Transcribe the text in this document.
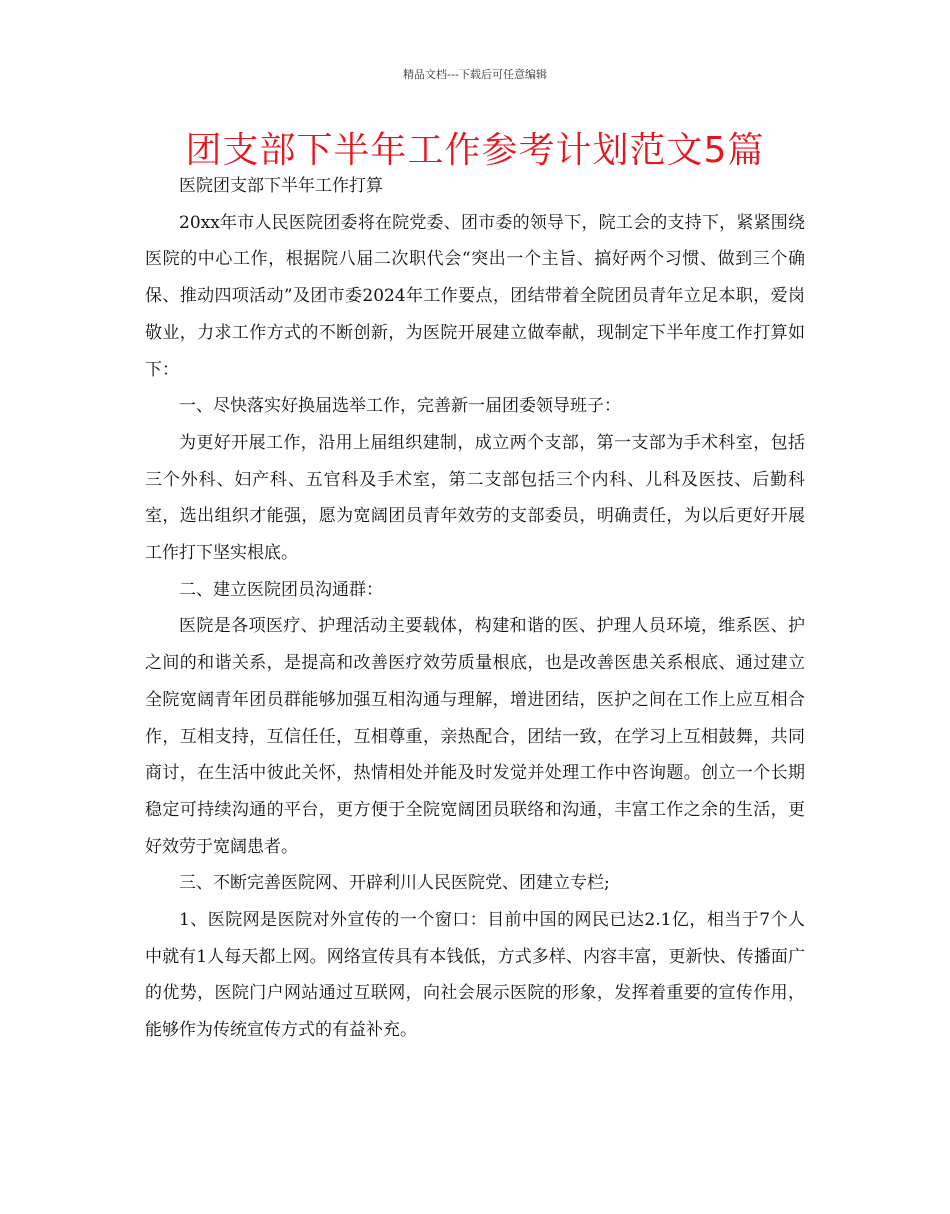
精品文档---下载后可任意编辑
团支部下半年工作参考计划范文5篇

医院团支部下半年工作打算

20xx年市人民医院团委将在院党委、团市委的领导下，院工会的支持下，紧紧围绕医院的中心工作，根据院八届二次职代会“突出一个主旨、搞好两个习惯、做到三个确保、推动四项活动”及团市委2024年工作要点，团结带着全院团员青年立足本职，爱岗敬业，力求工作方式的不断创新，为医院开展建立做奉献，现制定下半年度工作打算如下：

一、尽快落实好换届选举工作，完善新一届团委领导班子：

为更好开展工作，沿用上届组织建制，成立两个支部，第一支部为手术科室，包括三个外科、妇产科、五官科及手术室，第二支部包括三个内科、儿科及医技、后勤科室，选出组织才能强，愿为宽阔团员青年效劳的支部委员，明确责任，为以后更好开展工作打下坚实根底。

二、建立医院团员沟通群：

医院是各项医疗、护理活动主要载体，构建和谐的医、护理人员环境，维系医、护之间的和谐关系，是提高和改善医疗效劳质量根底，也是改善医患关系根底、通过建立全院宽阔青年团员群能够加强互相沟通与理解，增进团结，医护之间在工作上应互相合作，互相支持，互信任任，互相尊重，亲热配合，团结一致，在学习上互相鼓舞，共同商讨，在生活中彼此关怀，热情相处并能及时发觉并处理工作中咨询题。创立一个长期稳定可持续沟通的平台，更方便于全院宽阔团员联络和沟通，丰富工作之余的生活，更好效劳于宽阔患者。

三、不断完善医院网、开辟利川人民医院党、团建立专栏;

1、医院网是医院对外宣传的一个窗口：目前中国的网民已达2.1亿，相当于7个人中就有1人每天都上网。网络宣传具有本钱低，方式多样、内容丰富，更新快、传播面广的优势，医院门户网站通过互联网，向社会展示医院的形象，发挥着重要的宣传作用，能够作为传统宣传方式的有益补充。
